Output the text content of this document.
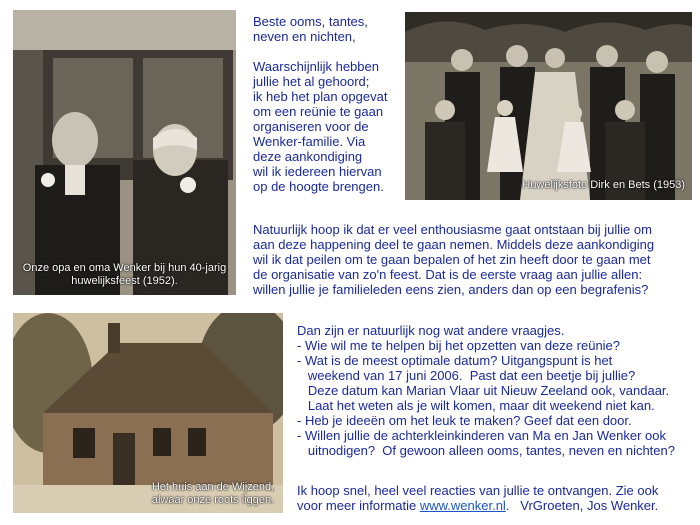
Onze opa en oma Wenker bij hun 40-jarig huwelijksfeest (1952).
Beste ooms, tantes,
neven en nichten,
Waarschijnlijk hebben
jullie het al gehoord;
ik heb het plan opgevat
om een reünie te gaan
organiseren voor de
Wenker-familie. Via
deze aankondiging
wil ik iedereen hiervan
op de hoogte brengen.	Huwelijksfoto Dirk en Bets (1953)
Natuurlijk hoop ik dat er veel enthousiasme gaat ontstaan bij jullie om
aan deze happening deel te gaan nemen. Middels deze aankondiging
wil ik dat peilen om te gaan bepalen of het zin heeft door te gaan met
de organisatie van zo'n feest. Dat is de eerste vraag aan jullie allen:
willen jullie je familieleden eens zien, anders dan op een begrafenis?
Het huis aan de Wijzend, alwaar onze roots liggen.
Dan zijn er natuurlijk nog wat andere vraagjes.
- Wie wil me te helpen bij het opzetten van deze reünie?
- Wat is de meest optimale datum? Uitgangspunt is het
weekend van 17 juni 2006.  Past dat een beetje bij jullie?
Deze datum kan Marian Vlaar uit Nieuw Zeeland ook, vandaar.
Laat het weten als je wilt komen, maar dit weekend niet kan.
- Heb je ideeën om het leuk te maken? Geef dat een door.
- Willen jullie de achterkleinkinderen van Ma en Jan Wenker ook
uitnodigen?  Of gewoon alleen ooms, tantes, neven en nichten?
Ik hoop snel, heel veel reacties van jullie te ontvangen. Zie ook
voor meer informatie www.wenker.nl.   VrGroeten, Jos Wenker.
